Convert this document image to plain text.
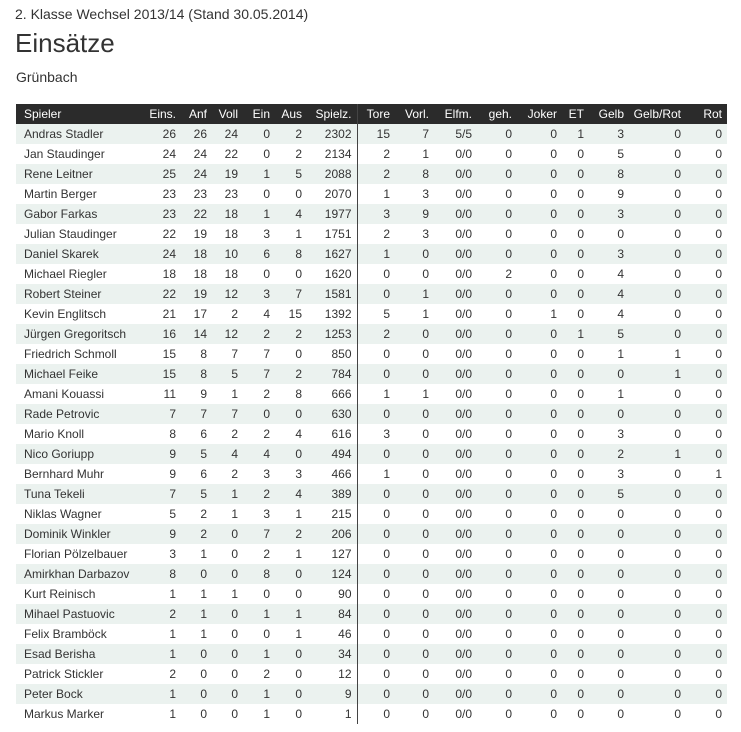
2. Klasse Wechsel 2013/14 (Stand 30.05.2014)
Einsätze
Grünbach
Spieler	Eins.	Anf	Voll	Ein	Aus	Spielz.	Tore	Vorl.	Elfm.	geh.	Joker	ET	Gelb	Gelb/Rot	Rot
Andras Stadler	26	26	24	0	2	2302	15	7	5/5	0	0	1	3	0	0
Jan Staudinger	24	24	22	0	2	2134	2	1	0/0	0	0	0	5	0	0
Rene Leitner	25	24	19	1	5	2088	2	8	0/0	0	0	0	8	0	0
Martin Berger	23	23	23	0	0	2070	1	3	0/0	0	0	0	9	0	0
Gabor Farkas	23	22	18	1	4	1977	3	9	0/0	0	0	0	3	0	0
Julian Staudinger	22	19	18	3	1	1751	2	3	0/0	0	0	0	0	0	0
Daniel Skarek	24	18	10	6	8	1627	1	0	0/0	0	0	0	3	0	0
Michael Riegler	18	18	18	0	0	1620	0	0	0/0	2	0	0	4	0	0
Robert Steiner	22	19	12	3	7	1581	0	1	0/0	0	0	0	4	0	0
Kevin Englitsch	21	17	2	4	15	1392	5	1	0/0	0	1	0	4	0	0
Jürgen Gregoritsch	16	14	12	2	2	1253	2	0	0/0	0	0	1	5	0	0
Friedrich Schmoll	15	8	7	7	0	850	0	0	0/0	0	0	0	1	1	0
Michael Feike	15	8	5	7	2	784	0	0	0/0	0	0	0	0	1	0
Amani Kouassi	11	9	1	2	8	666	1	1	0/0	0	0	0	1	0	0
Rade Petrovic	7	7	7	0	0	630	0	0	0/0	0	0	0	0	0	0
Mario Knoll	8	6	2	2	4	616	3	0	0/0	0	0	0	3	0	0
Nico Goriupp	9	5	4	4	0	494	0	0	0/0	0	0	0	2	1	0
Bernhard Muhr	9	6	2	3	3	466	1	0	0/0	0	0	0	3	0	1
Tuna Tekeli	7	5	1	2	4	389	0	0	0/0	0	0	0	5	0	0
Niklas Wagner	5	2	1	3	1	215	0	0	0/0	0	0	0	0	0	0
Dominik Winkler	9	2	0	7	2	206	0	0	0/0	0	0	0	0	0	0
Florian Pölzelbauer	3	1	0	2	1	127	0	0	0/0	0	0	0	0	0	0
Amirkhan Darbazov	8	0	0	8	0	124	0	0	0/0	0	0	0	0	0	0
Kurt Reinisch	1	1	1	0	0	90	0	0	0/0	0	0	0	0	0	0
Mihael Pastuovic	2	1	0	1	1	84	0	0	0/0	0	0	0	0	0	0
Felix Bramböck	1	1	0	0	1	46	0	0	0/0	0	0	0	0	0	0
Esad Berisha	1	0	0	1	0	34	0	0	0/0	0	0	0	0	0	0
Patrick Stickler	2	0	0	2	0	12	0	0	0/0	0	0	0	0	0	0
Peter Bock	1	0	0	1	0	9	0	0	0/0	0	0	0	0	0	0
Markus Marker	1	0	0	1	0	1	0	0	0/0	0	0	0	0	0	0
